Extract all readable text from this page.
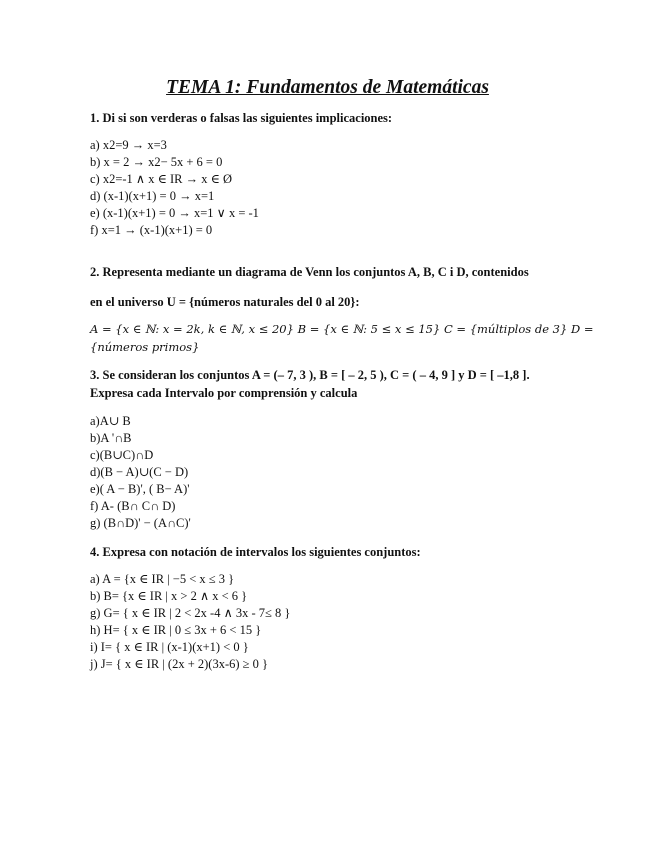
TEMA 1: Fundamentos de Matemáticas
1. Di si son verderas o falsas las siguientes implicaciones:
a) x2=9 → x=3
b) x = 2 → x2− 5x + 6 = 0
c) x2=-1 ∧ x ∈ IR → x ∈ Ø
d) (x-1)(x+1) = 0 → x=1
e) (x-1)(x+1) = 0 → x=1 ∨ x = -1
f) x=1 → (x-1)(x+1) = 0
2. Representa mediante un diagrama de Venn los conjuntos A, B, C i D, contenidos
en el universo U = {números naturales del 0 al 20}:
A = {x ∈ ℕ: x = 2k, k ∈ ℕ, x ≤ 20} B = {x ∈ ℕ: 5 ≤ x ≤ 15} C = {múltiplos de 3} D =
{números primos}
3. Se consideran los conjuntos A = (– 7, 3 ), B = [ – 2, 5 ), C = ( – 4, 9 ] y D = [ –1,8 ].
Expresa cada Intervalo por comprensión y calcula
a)A∪ B
b)A '∩B
c)(B∪C)∩D
d)(B − A)∪(C − D)
e)( A − B)', ( B− A)'
f) A- (B∩ C∩ D)
g) (B∩D)' − (A∩C)'
4. Expresa con notación de intervalos los siguientes conjuntos:
a) A = {x ∈ IR | −5 < x ≤ 3 }
b) B= {x ∈ IR | x > 2 ∧ x < 6 }
g) G= { x ∈ IR | 2 < 2x -4 ∧ 3x - 7≤ 8 }
h) H= { x ∈ IR | 0 ≤ 3x + 6 < 15 }
i) I= { x ∈ IR | (x-1)(x+1) < 0 }
j) J= { x ∈ IR | (2x + 2)(3x-6) ≥ 0 }
